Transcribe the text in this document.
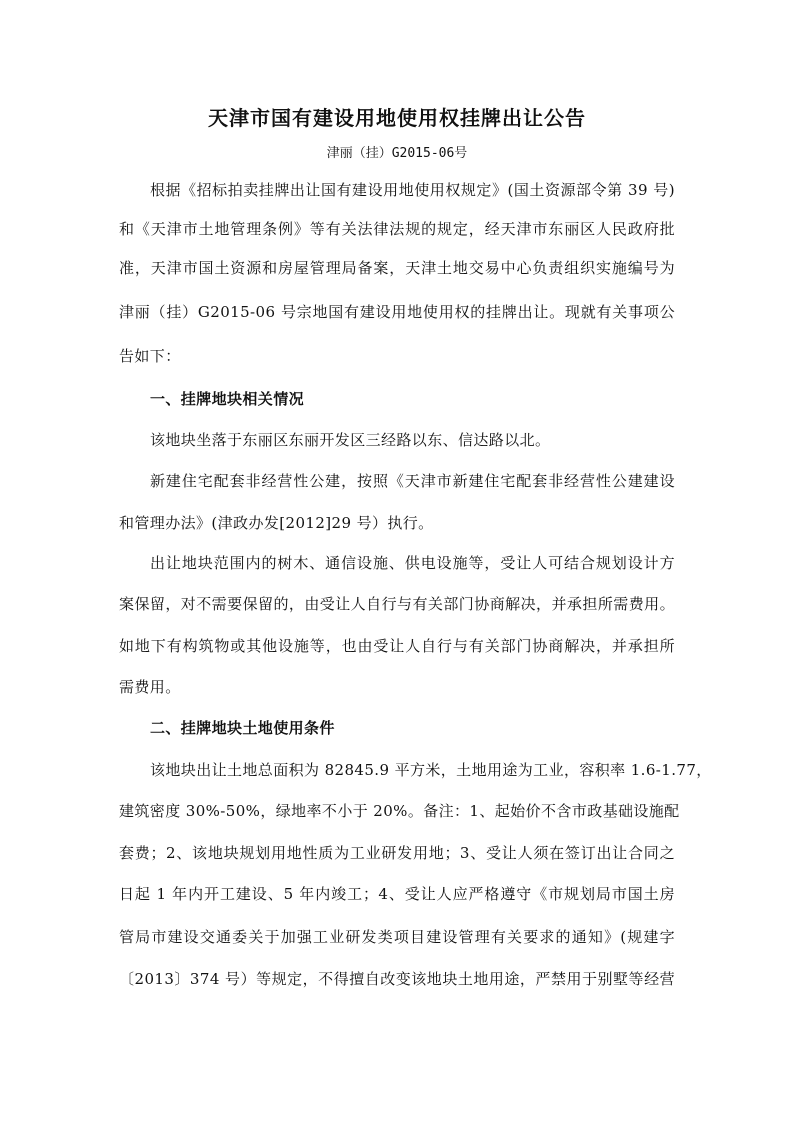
天津市国有建设用地使用权挂牌出让公告
津丽（挂）G2015-06号
根据《招标拍卖挂牌出让国有建设用地使用权规定》(国土资源部令第 39 号)
和《天津市土地管理条例》等有关法律法规的规定，经天津市东丽区人民政府批
准，天津市国土资源和房屋管理局备案，天津土地交易中心负责组织实施编号为
津丽（挂）G2015-06 号宗地国有建设用地使用权的挂牌出让。现就有关事项公
告如下：
一、挂牌地块相关情况
该地块坐落于东丽区东丽开发区三经路以东、信达路以北。
新建住宅配套非经营性公建，按照《天津市新建住宅配套非经营性公建建设
和管理办法》(津政办发[2012]29 号）执行。
出让地块范围内的树木、通信设施、供电设施等，受让人可结合规划设计方
案保留，对不需要保留的，由受让人自行与有关部门协商解决，并承担所需费用。
如地下有构筑物或其他设施等，也由受让人自行与有关部门协商解决，并承担所
需费用。
二、挂牌地块土地使用条件
该地块出让土地总面积为 82845.9 平方米，土地用途为工业，容积率 1.6-1.77，
建筑密度 30%-50%，绿地率不小于 20%。备注：1、起始价不含市政基础设施配
套费；2、该地块规划用地性质为工业研发用地；3、受让人须在签订出让合同之
日起 1 年内开工建设、5 年内竣工；4、受让人应严格遵守《市规划局市国土房
管局市建设交通委关于加强工业研发类项目建设管理有关要求的通知》(规建字
〔2013〕374 号）等规定，不得擅自改变该地块土地用途，严禁用于别墅等经营
